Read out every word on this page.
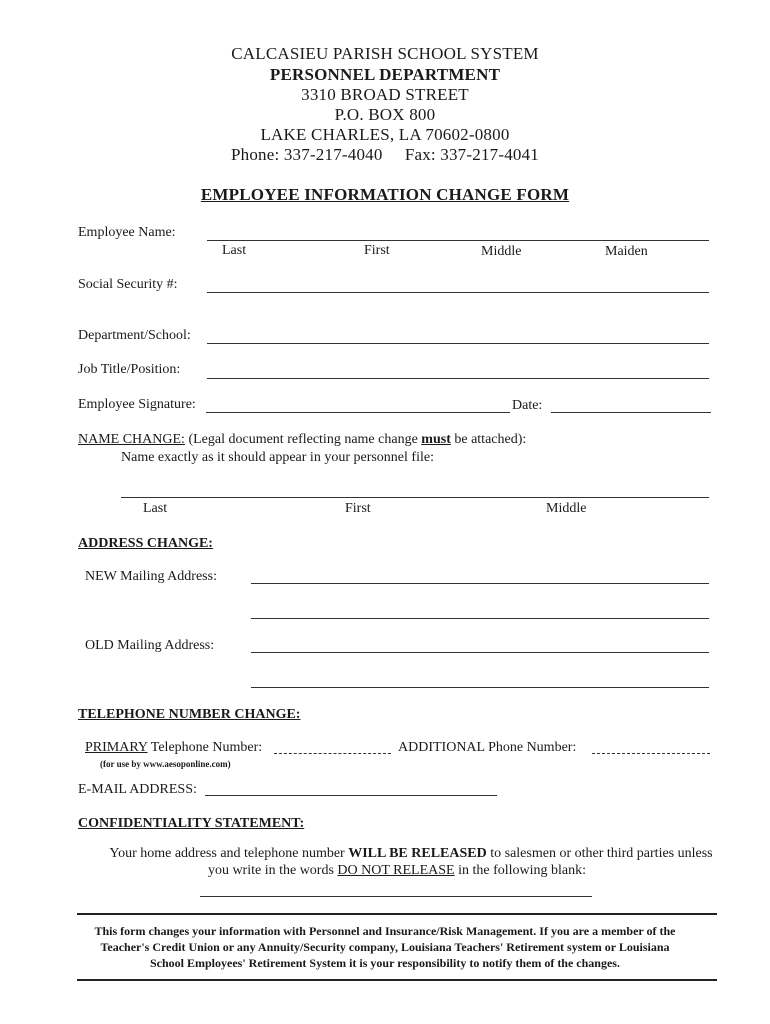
CALCASIEU PARISH SCHOOL SYSTEM
PERSONNEL DEPARTMENT
3310 BROAD STREET
P.O. BOX 800
LAKE CHARLES, LA 70602-0800
Phone: 337-217-4040     Fax: 337-217-4041
EMPLOYEE INFORMATION CHANGE FORM
Employee Name:
Last	First	Middle	Maiden
Social Security #:
Department/School:
Job Title/Position:
Employee Signature:	Date:
NAME CHANGE: (Legal document reflecting name change must be attached):
Name exactly as it should appear in your personnel file:
Last	First	Middle
ADDRESS CHANGE:
NEW Mailing Address:
OLD Mailing Address:
TELEPHONE NUMBER CHANGE:
PRIMARY Telephone Number:
(for use by www.aesoponline.com)
ADDITIONAL Phone Number:
E-MAIL ADDRESS:
CONFIDENTIALITY STATEMENT:
Your home address and telephone number WILL BE RELEASED to salesmen or other third parties unless
you write in the words DO NOT RELEASE in the following blank:
This form changes your information with Personnel and Insurance/Risk Management. If you are a member of the
Teacher's Credit Union or any Annuity/Security company, Louisiana Teachers' Retirement system or Louisiana
School Employees' Retirement System it is your responsibility to notify them of the changes.
